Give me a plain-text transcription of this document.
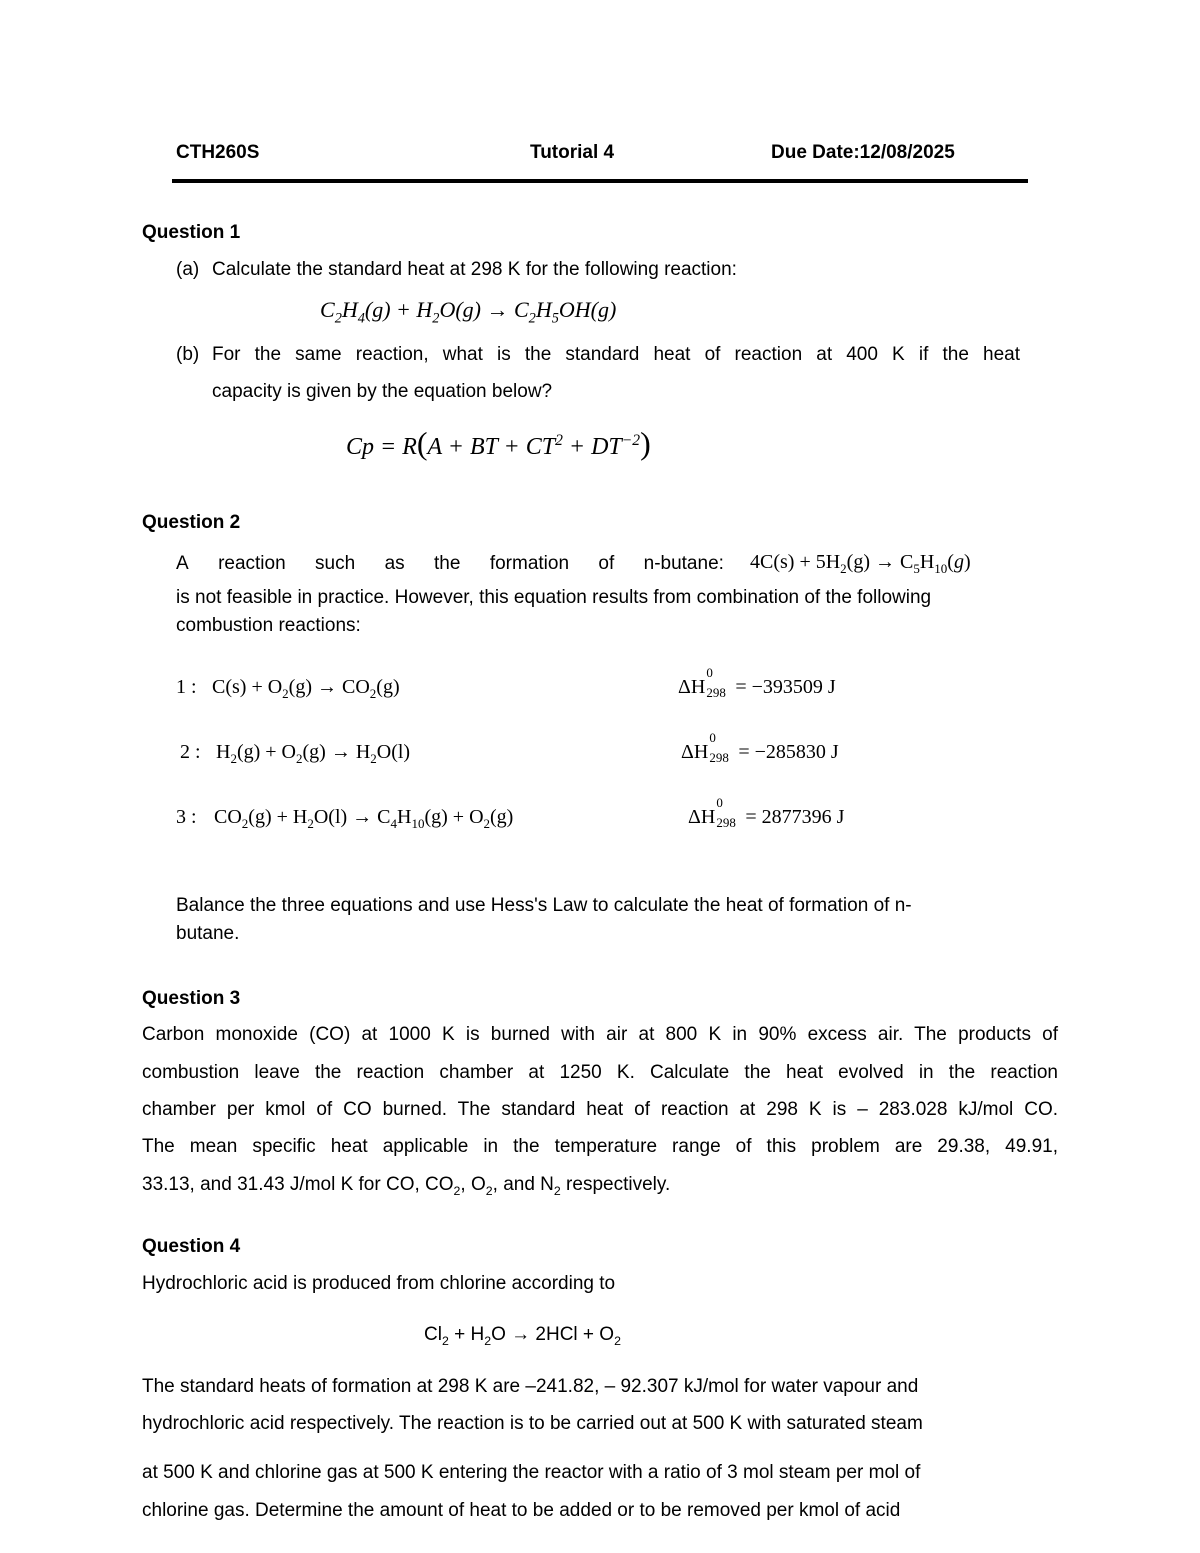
CTH260S	Tutorial 4	Due Date:12/08/2025
Question 1
(a) Calculate the standard heat at 298 K for the following reaction:
$C_2H_4(g) + H_2O(g) \to C_2H_5OH(g)$
(b) For the same reaction, what is the standard heat of reaction at 400 K if the heat
capacity is given by the equation below?
Cp = R(A + BT + $CT^2 + DT^{-2}$)
Question 2
A reaction such as the formation of n-butane: $4C(s) + 5H_2(g) \to C_5H_{10}(g)$
is not feasible in practice. However, this equation results from combination of the following
combustion reactions:
1 : $C(s) + O_2(g) \to CO_2(g)$	ΔH
0
298 = −393509 J
2 : $H_2(g) + O_2(g) \to H_2O(l)$	ΔH
0
298 = −285830 J
3 : $CO_2(g) + H_2O(l) \to C_4H_{10}(g) + O_2(g)$	ΔH
0
298 = 2877396 J
Balance the three equations and use Hess's Law to calculate the heat of formation of n-
butane.
Question 3
Carbon monoxide (CO) at 1000 K is burned with air at 800 K in 90% excess air. The products of
combustion leave the reaction chamber at 1250 K. Calculate the heat evolved in the reaction
chamber per kmol of CO burned. The standard heat of reaction at 298 K is – 283.028 kJ/mol CO.
The mean specific heat applicable in the temperature range of this problem are 29.38, 49.91,
33.13, and 31.43 J/mol K for CO, $CO_2$, $O_2$, and $N_2$ respectively.
Question 4
Hydrochloric acid is produced from chlorine according to
$Cl_2 + H_2O \to 2HCl + O_2$
The standard heats of formation at 298 K are –241.82, – 92.307 kJ/mol for water vapour and
hydrochloric acid respectively. The reaction is to be carried out at 500 K with saturated steam
at 500 K and chlorine gas at 500 K entering the reactor with a ratio of 3 mol steam per mol of
chlorine gas. Determine the amount of heat to be added or to be removed per kmol of acid
